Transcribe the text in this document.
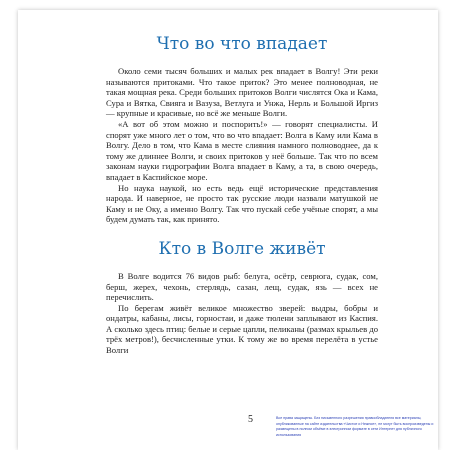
Что во что впадает

Около семи тысяч больших и малых рек впадает в Волгу! Эти реки называются притоками. Что такое приток? Это менее полноводная, не такая мощная река. Среди больших притоков Волги числятся Ока и Кама, Сура и Вятка, Свияга и Вазуза, Ветлуга и Унжа, Нерль и Большой Иргиз — крупные и красивые, но всё же меньше Волги.

«А вот об этом можно и поспорить!» — говорят специалисты. И спорят уже много лет о том, что во что впадает: Волга в Каму или Кама в Волгу. Дело в том, что Кама в месте слияния намного полноводнее, да к тому же длиннее Волги, и своих притоков у неё больше. Так что по всем законам науки гидрографии Волга впадает в Каму, а та, в свою очередь, впадает в Каспийское море.

Но наука наукой, но есть ведь ещё исторические представления народа. И наверное, не просто так русские люди назвали матушкой не Каму и не Оку, а именно Волгу. Так что пускай себе учёные спорят, а мы будем думать так, как принято.

Кто в Волге живёт

В Волге водится 76 видов рыб: белуга, осётр, севрюга, судак, сом, берш, жерех, чехонь, стерлядь, сазан, лещ, судак, язь — всех не перечислить.

По берегам живёт великое множество зверей: выдры, бобры и ондатры, кабаны, лисы, горностаи, и даже тюлени заплывают из Каспия. А сколько здесь птиц: белые и серые цапли, пеликаны (размах крыльев до трёх метров!), бесчисленные утки. К тому же во время перелёта в устье Волги

5	Все права защищены. Без письменного разрешения правообладателя все материалы, опубликованные на сайте издательства «Чистое и Нежное», не могут быть воспроизведены и размещены в полном объёме в электронном формате в сети Интернет для публичного использования
